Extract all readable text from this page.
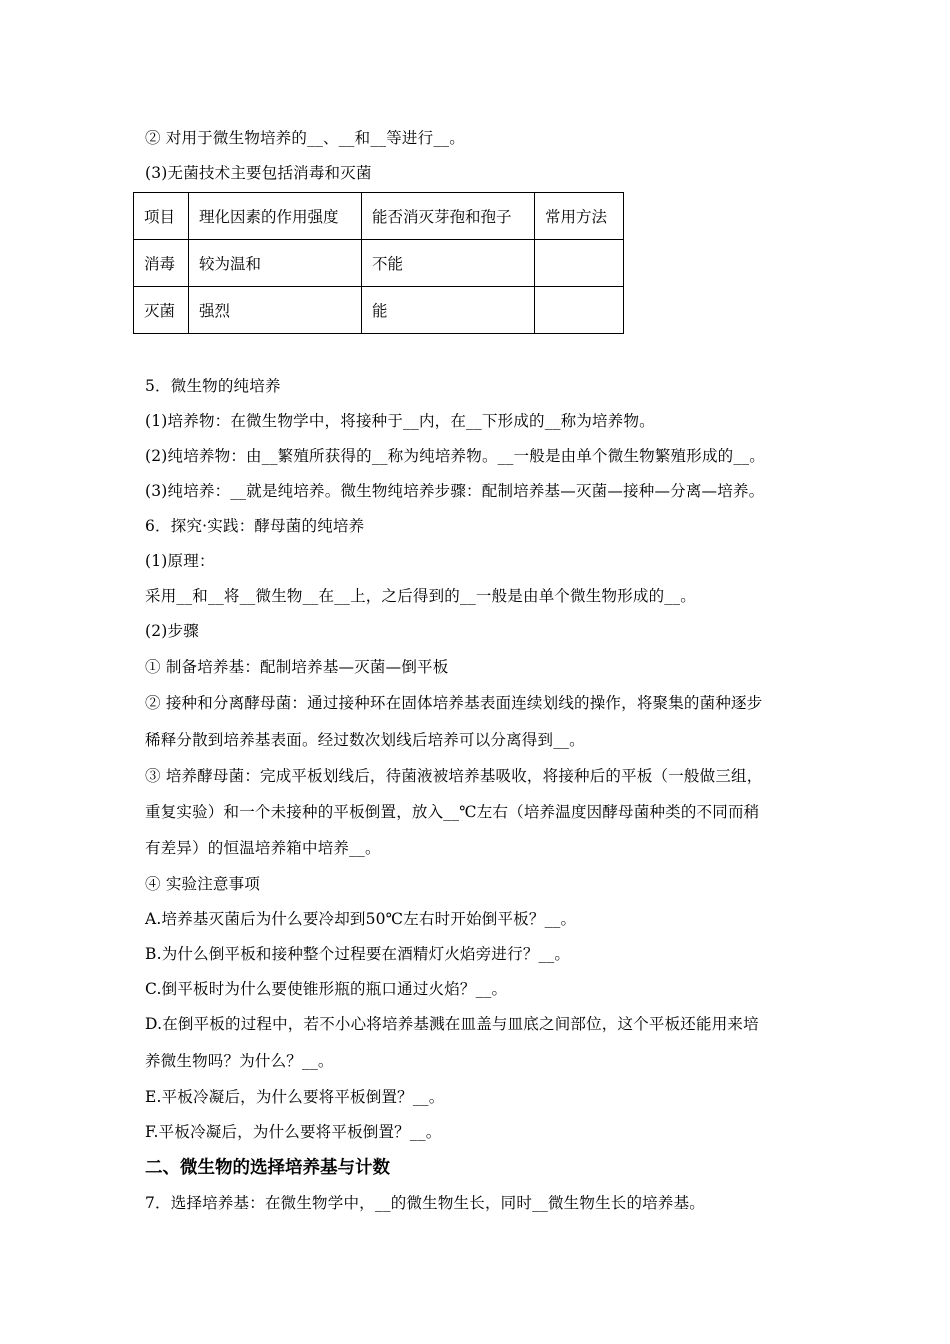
② 对用于微生物培养的__、__和__等进行__。
(3)无菌技术主要包括消毒和灭菌
项目	理化因素的作用强度	能否消灭芽孢和孢子	常用方法
消毒	较为温和	不能	
灭菌	强烈	能	
5．微生物的纯培养
(1)培养物：在微生物学中，将接种于__内，在__下形成的__称为培养物。
(2)纯培养物：由__繁殖所获得的__称为纯培养物。__一般是由单个微生物繁殖形成的__。
(3)纯培养：__就是纯培养。微生物纯培养步骤：配制培养基—灭菌—接种—分离—培养。
6．探究·实践：酵母菌的纯培养
(1)原理：
采用__和__将__微生物__在__上，之后得到的__一般是由单个微生物形成的__。
(2)步骤
① 制备培养基：配制培养基—灭菌—倒平板
② 接种和分离酵母菌：通过接种环在固体培养基表面连续划线的操作，将聚集的菌种逐步
稀释分散到培养基表面。经过数次划线后培养可以分离得到__。
③ 培养酵母菌：完成平板划线后，待菌液被培养基吸收，将接种后的平板（一般做三组，
重复实验）和一个未接种的平板倒置，放入__℃左右（培养温度因酵母菌种类的不同而稍
有差异）的恒温培养箱中培养__。
④ 实验注意事项
A.培养基灭菌后为什么要冷却到50℃左右时开始倒平板？__。
B.为什么倒平板和接种整个过程要在酒精灯火焰旁进行？__。
C.倒平板时为什么要使锥形瓶的瓶口通过火焰？__。
D.在倒平板的过程中，若不小心将培养基溅在皿盖与皿底之间部位，这个平板还能用来培
养微生物吗？为什么？__。
E.平板冷凝后，为什么要将平板倒置？__。
F.平板冷凝后，为什么要将平板倒置？__。
二、微生物的选择培养基与计数
7．选择培养基：在微生物学中，__的微生物生长，同时__微生物生长的培养基。
